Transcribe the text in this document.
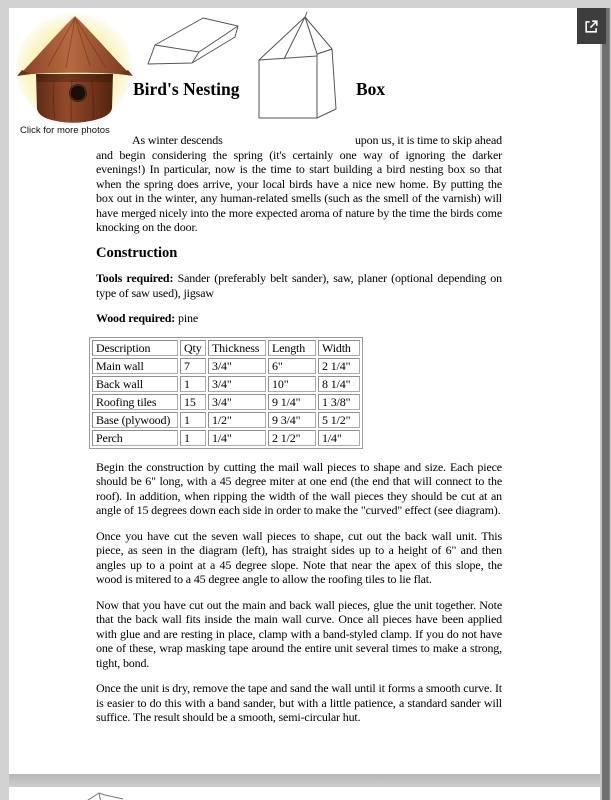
Click for more photos
Bird's Nesting	Box

As winter descends	upon us, it is time to skip ahead
and begin considering the spring (it's certainly one way of ignoring the darker evenings!) In particular, now is the time to start building a bird nesting box so that when the spring does arrive, your local birds have a nice new home. By putting the box out in the winter, any human-related smells (such as the smell of the varnish) will have merged nicely into the more expected aroma of nature by the time the birds come knocking on the door.

Construction

Tools required: Sander (preferably belt sander), saw, planer (optional depending on type of saw used), jigsaw

Wood required: pine

Description	Qty	Thickness	Length	Width
Main wall	7	3/4"	6"	2 1/4"
Back wall	1	3/4"	10"	8 1/4"
Roofing tiles	15	3/4"	9 1/4"	1 3/8"
Base (plywood)	1	1/2"	9 3/4"	5 1/2"
Perch	1	1/4"	2 1/2"	1/4"

Begin the construction by cutting the mail wall pieces to shape and size. Each piece should be 6" long, with a 45 degree miter at one end (the end that will connect to the roof). In addition, when ripping the width of the wall pieces they should be cut at an angle of 15 degrees down each side in order to make the "curved" effect (see diagram).

Once you have cut the seven wall pieces to shape, cut out the back wall unit. This piece, as seen in the diagram (left), has straight sides up to a height of 6" and then angles up to a point at a 45 degree slope. Note that near the apex of this slope, the wood is mitered to a 45 degree angle to allow the roofing tiles to lie flat.

Now that you have cut out the main and back wall pieces, glue the unit together. Note that the back wall fits inside the main wall curve. Once all pieces have been applied with glue and are resting in place, clamp with a band-styled clamp. If you do not have one of these, wrap masking tape around the entire unit several times to make a strong, tight, bond.

Once the unit is dry, remove the tape and sand the wall until it forms a smooth curve. It is easier to do this with a band sander, but with a little patience, a standard sander will suffice. The result should be a smooth, semi-circular hut.
